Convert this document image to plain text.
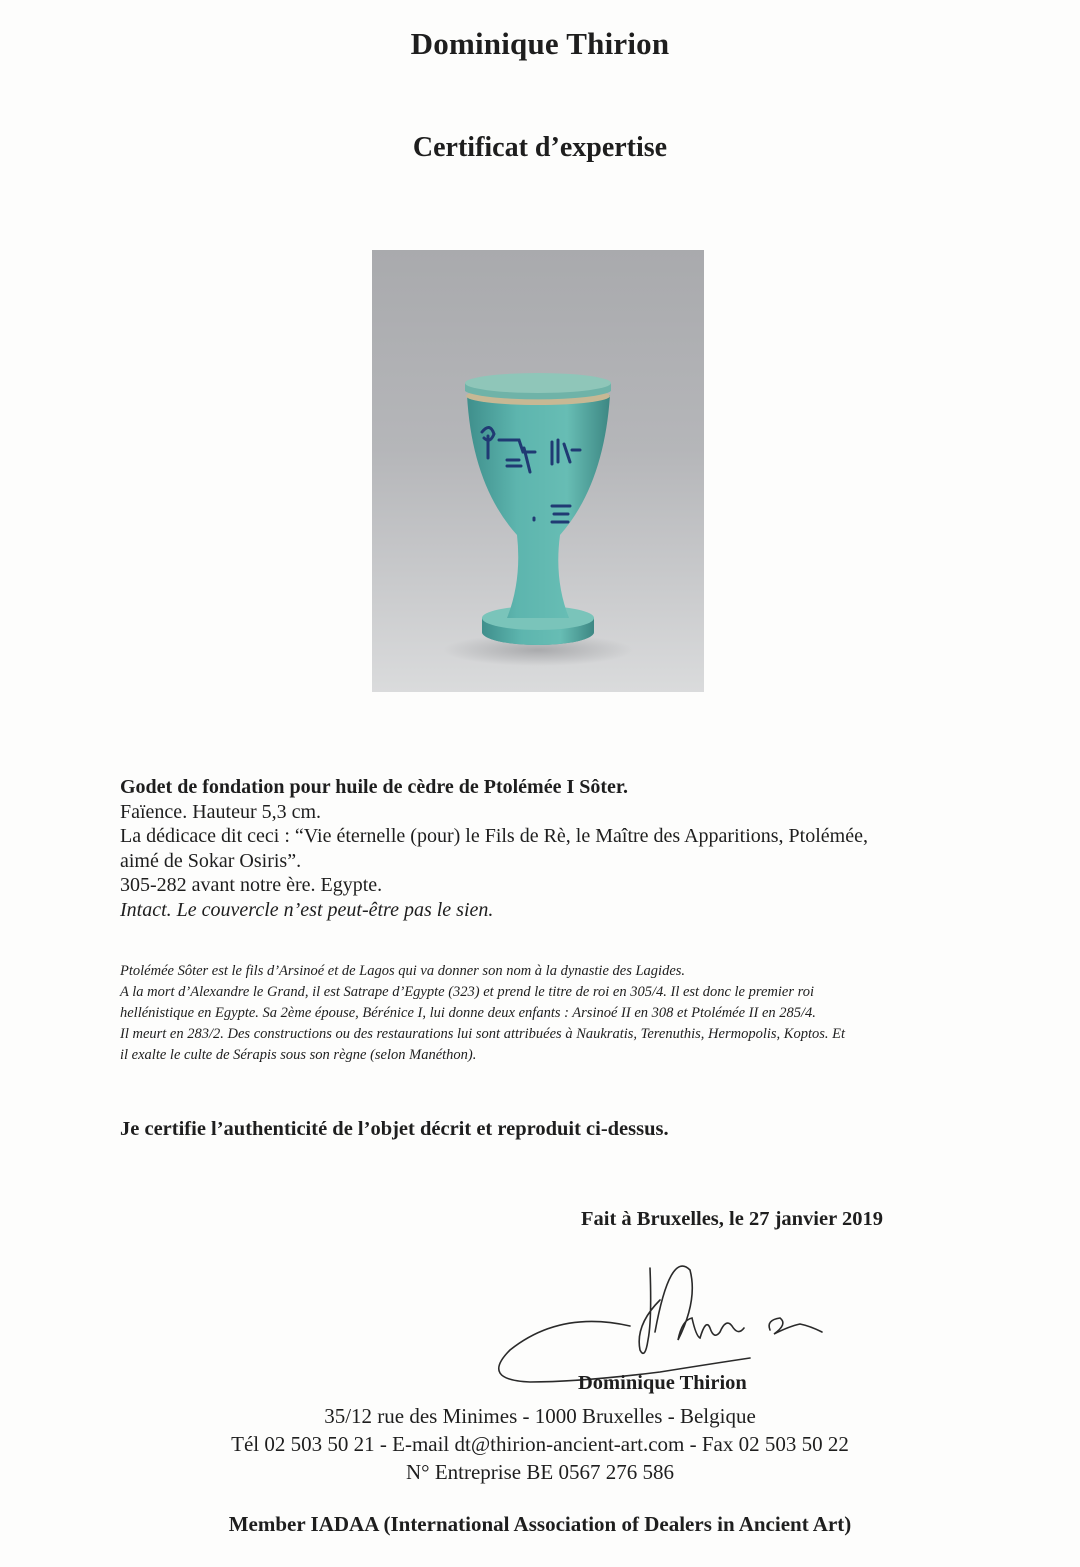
Dominique Thirion
Certificat d’expertise
Godet de fondation pour huile de cèdre de Ptolémée I Sôter.
Faïence. Hauteur 5,3 cm.
La dédicace dit ceci : “Vie éternelle (pour) le Fils de Rè, le Maître des Apparitions, Ptolémée,
aimé de Sokar Osiris”.
305-282 avant notre ère. Egypte.
Intact. Le couvercle n’est peut-être pas le sien.
Ptolémée Sôter est le fils d’Arsinoé et de Lagos qui va donner son nom à la dynastie des Lagides.
A la mort d’Alexandre le Grand, il est Satrape d’Egypte (323) et prend le titre de roi en 305/4. Il est donc le premier roi
hellénistique en Egypte. Sa 2ème épouse, Bérénice I, lui donne deux enfants : Arsinoé II en 308 et Ptolémée II en 285/4.
Il meurt en 283/2. Des constructions ou des restaurations lui sont attribuées à Naukratis, Terenuthis, Hermopolis, Koptos. Et
il exalte le culte de Sérapis sous son règne (selon Manéthon).
Je certifie l’authenticité de l’objet décrit et reproduit ci-dessus.
Fait à Bruxelles, le 27 janvier 2019
Dominique Thirion
35/12 rue des Minimes - 1000 Bruxelles - Belgique
Tél 02 503 50 21 - E-mail dt@thirion-ancient-art.com - Fax 02 503 50 22
N° Entreprise BE 0567 276 586
Member IADAA (International Association of Dealers in Ancient Art)
